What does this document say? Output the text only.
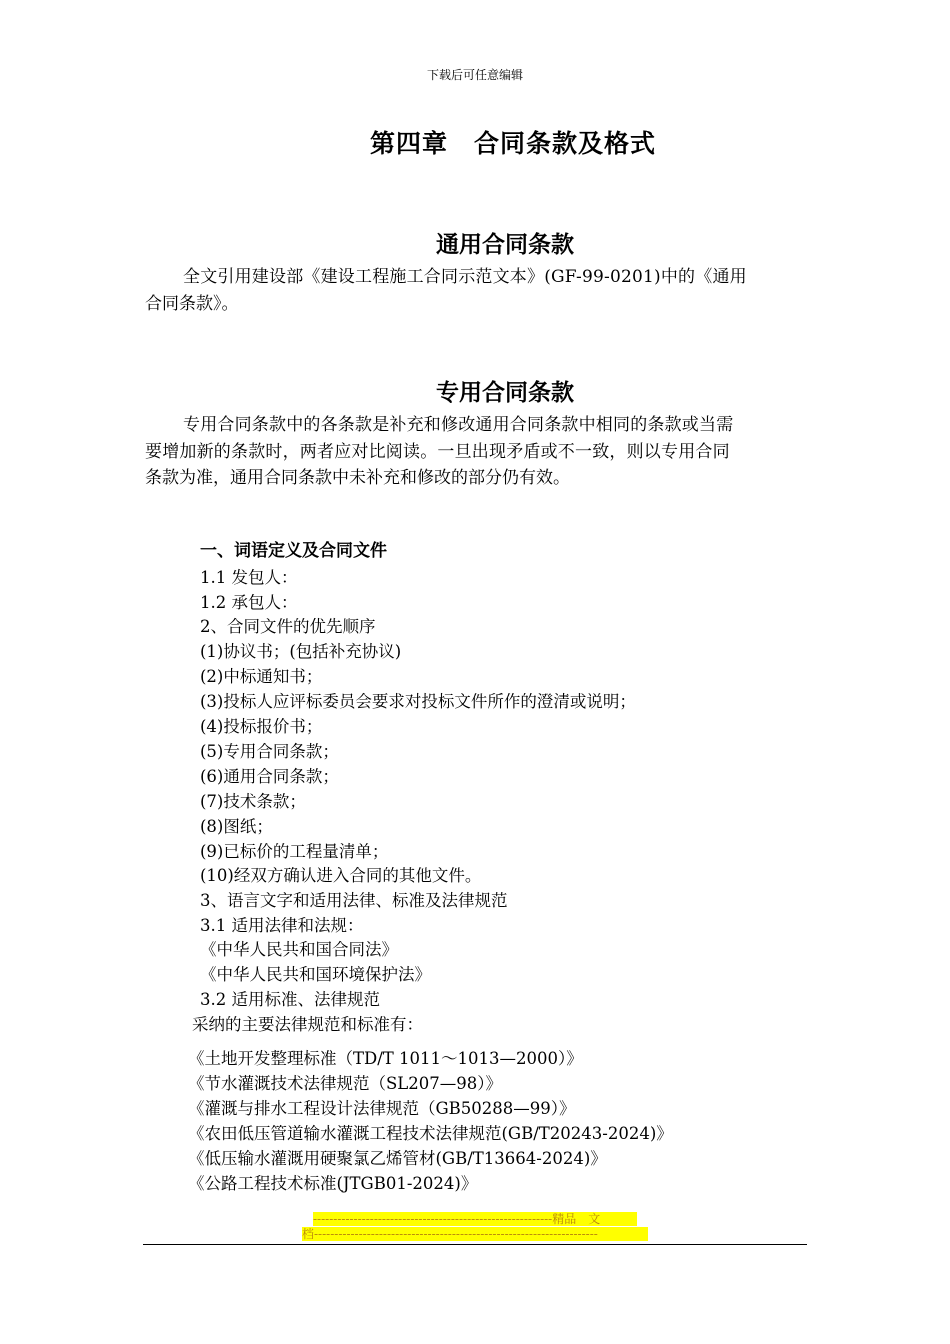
下载后可任意编辑
第四章　合同条款及格式
通用合同条款
全文引用建设部《建设工程施工合同示范文本》(GF-99-0201)中的《通用
合同条款》。
专用合同条款
专用合同条款中的各条款是补充和修改通用合同条款中相同的条款或当需
要增加新的条款时，两者应对比阅读。一旦出现矛盾或不一致，则以专用合同
条款为准，通用合同条款中未补充和修改的部分仍有效。
一、词语定义及合同文件
1.1 发包人：
1.2 承包人：
2、合同文件的优先顺序
(1)协议书；(包括补充协议)
(2)中标通知书；
(3)投标人应评标委员会要求对投标文件所作的澄清或说明；
(4)投标报价书；
(5)专用合同条款；
(6)通用合同条款；
(7)技术条款；
(8)图纸；
(9)已标价的工程量清单；
(10)经双方确认进入合同的其他文件。
3、语言文字和适用法律、标准及法律规范
3.1 适用法律和法规：
《中华人民共和国合同法》
《中华人民共和国环境保护法》
3.2 适用标准、法律规范
采纳的主要法律规范和标准有：
《土地开发整理标准（TD/T 1011～1013—2000）》
《节水灌溉技术法律规范（SL207—98）》
《灌溉与排水工程设计法律规范（GB50288—99）》
《农田低压管道输水灌溉工程技术法律规范(GB/T20243-2024)》
《低压输水灌溉用硬聚氯乙烯管材(GB/T13664-2024)》
《公路工程技术标准(JTGB01-2024)》
-----------------------------------------------------------精品　文
档----------------------------------------------------------------------
